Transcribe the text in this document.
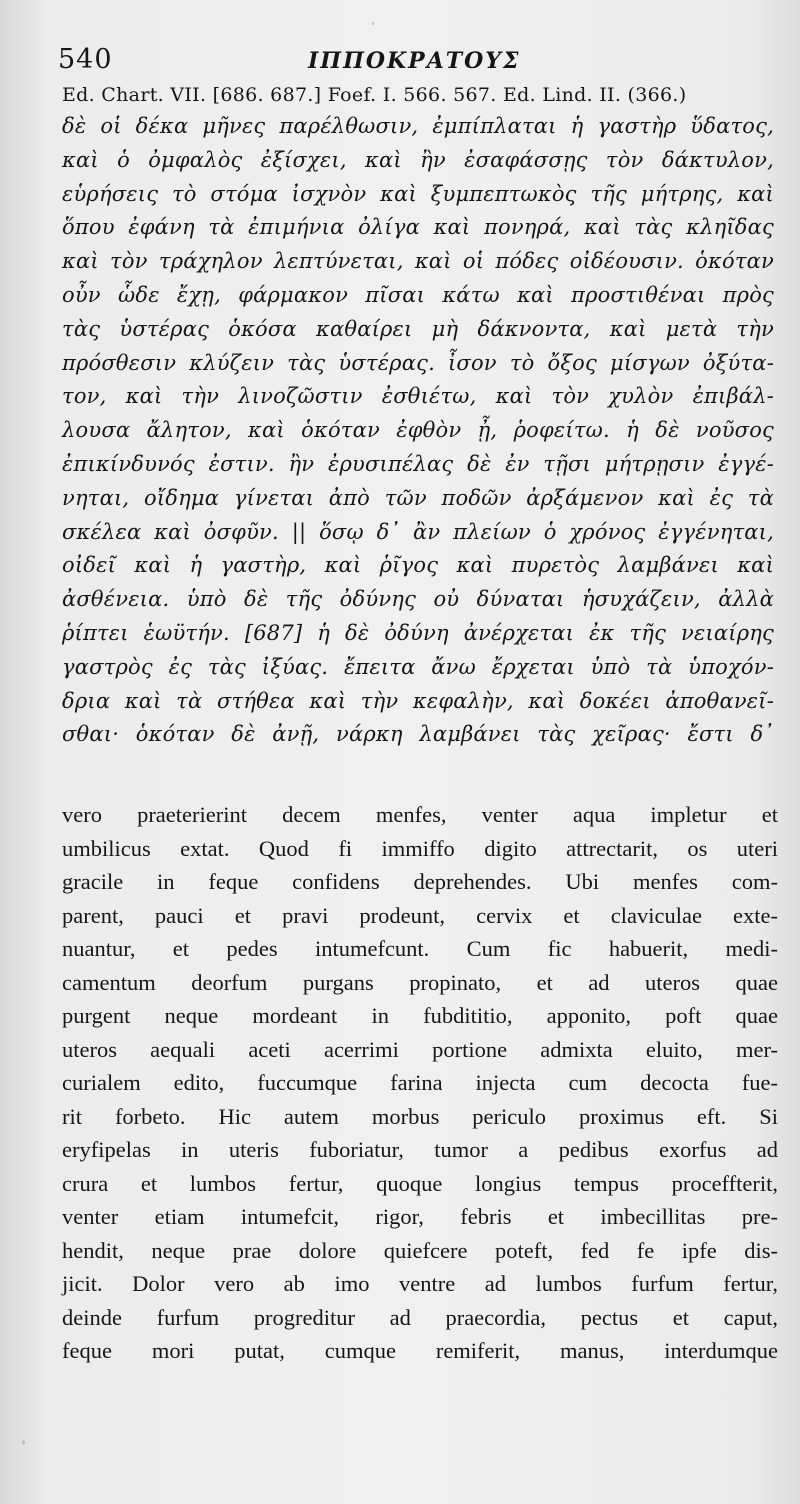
540	ΙΠΠΟΚΡΑΤΟΥΣ
Ed. Chart. VII. [686. 687.] Foef. I. 566. 567. Ed. Lind. II. (366.)
δὲ οἱ δέκα μῆνες παρέλθωσιν, ἐμπίπλαται ἡ γαστὴρ ὕδατος,
καὶ ὁ ὀμφαλὸς ἐξίσχει, καὶ ἢν ἐσαφάσσῃς τὸν δάκτυλον,
εὑρήσεις τὸ στόμα ἰσχνὸν καὶ ξυμπεπτωκὸς τῆς μήτρης, καὶ
ὅπου ἐφάνη τὰ ἐπιμήνια ὀλίγα καὶ πονηρά, καὶ τὰς κληῖδας
καὶ τὸν τράχηλον λεπτύνεται, καὶ οἱ πόδες οἰδέουσιν. ὁκόταν
οὖν ὧδε ἔχῃ, φάρμακον πῖσαι κάτω καὶ προστιθέναι πρὸς
τὰς ὑστέρας ὁκόσα καθαίρει μὴ δάκνοντα, καὶ μετὰ τὴν
πρόσθεσιν κλύζειν τὰς ὑστέρας. ἶσον τὸ ὄξος μίσγων ὀξύτα-
τον, καὶ τὴν λινοζῶστιν ἐσθιέτω, καὶ τὸν χυλὸν ἐπιβάλ-
λουσα ἄλητον, καὶ ὁκόταν ἐφθὸν ᾖ, ῥοφείτω. ἡ δὲ νοῦσος
ἐπικίνδυνός ἐστιν. ἢν ἐρυσιπέλας δὲ ἐν τῇσι μήτρῃσιν ἐγγέ-
νηται, οἴδημα γίνεται ἀπὸ τῶν ποδῶν ἀρξάμενον καὶ ἐς τὰ
σκέλεα καὶ ὀσφῦν. || ὅσῳ δ᾽ ἂν πλείων ὁ χρόνος ἐγγένηται,
οἰδεῖ καὶ ἡ γαστὴρ, καὶ ῥῖγος καὶ πυρετὸς λαμβάνει καὶ
ἀσθένεια. ὑπὸ δὲ τῆς ὀδύνης οὐ δύναται ἡσυχάζειν, ἀλλὰ
ῥίπτει ἑωϋτήν. [687] ἡ δὲ ὀδύνη ἀνέρχεται ἐκ τῆς νειαίρης
γαστρὸς ἐς τὰς ἰξύας. ἔπειτα ἄνω ἔρχεται ὑπὸ τὰ ὑποχόν-
δρια καὶ τὰ στήθεα καὶ τὴν κεφαλὴν, καὶ δοκέει ἀποθανεῖ-
σθαι· ὁκόταν δὲ ἀνῇ, νάρκη λαμβάνει τὰς χεῖρας· ἔστι δ᾽
vero praeterierint decem menfes, venter aqua impletur et
umbilicus extat. Quod fi immiffo digito attrectarit, os uteri
gracile in feque confidens deprehendes. Ubi menfes com-
parent, pauci et pravi prodeunt, cervix et claviculae exte-
nuantur, et pedes intumefcunt. Cum fic habuerit, medi-
camentum deorfum purgans propinato, et ad uteros quae
purgent neque mordeant in fubdititio, apponito, poft quae
uteros aequali aceti acerrimi portione admixta eluito, mer-
curialem edito, fuccumque farina injecta cum decocta fue-
rit forbeto. Hic autem morbus periculo proximus eft. Si
eryfipelas in uteris fuboriatur, tumor a pedibus exorfus ad
crura et lumbos fertur, quoque longius tempus proceffterit,
venter etiam intumefcit, rigor, febris et imbecillitas pre-
hendit, neque prae dolore quiefcere poteft, fed fe ipfe dis-
jicit. Dolor vero ab imo ventre ad lumbos furfum fertur,
deinde furfum progreditur ad praecordia, pectus et caput,
feque mori putat, cumque remiferit, manus, interdumque
